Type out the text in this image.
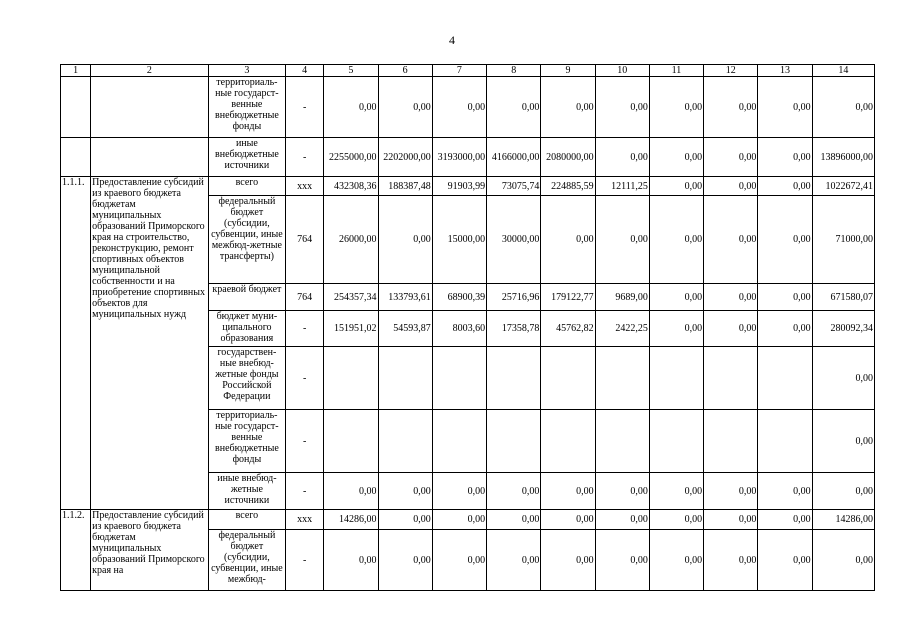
4
1	2	3	4	5	6	7	8	9	10	11	12	13	14
		территориаль-ные государст-венные внебюджетные фонды	-	0,00	0,00	0,00	0,00	0,00	0,00	0,00	0,00	0,00	0,00
		иные внебюджетные источники	-	2255000,00	2202000,00	3193000,00	4166000,00	2080000,00	0,00	0,00	0,00	0,00	13896000,00
1.1.1.	Предоставление субсидий из краевого бюджета бюджетам муниципальных образований Приморского края на строительство, реконструкцию, ремонт спортивных объектов муниципальной собственности и на приобретение спортивных объектов для муниципальных нужд	всего	xxx	432308,36	188387,48	91903,99	73075,74	224885,59	12111,25	0,00	0,00	0,00	1022672,41
		федеральный бюджет (субсидии, субвенции, иные межбюд-жетные трансферты)	764	26000,00	0,00	15000,00	30000,00	0,00	0,00	0,00	0,00	0,00	71000,00
		краевой бюджет	764	254357,34	133793,61	68900,39	25716,96	179122,77	9689,00	0,00	0,00	0,00	671580,07
		бюджет муни-ципального образования	-	151951,02	54593,87	8003,60	17358,78	45762,82	2422,25	0,00	0,00	0,00	280092,34
		государствен-ные внебюд-жетные фонды Российской Федерации	-										0,00
		территориаль-ные государст-венные внебюджетные фонды	-										0,00
		иные внебюд-жетные источники	-	0,00	0,00	0,00	0,00	0,00	0,00	0,00	0,00	0,00	0,00
1.1.2.	Предоставление субсидий из краевого бюджета бюджетам муниципальных образований Приморского края на	всего	xxx	14286,00	0,00	0,00	0,00	0,00	0,00	0,00	0,00	0,00	14286,00
		федеральный бюджет (субсидии, субвенции, иные межбюд-	-	0,00	0,00	0,00	0,00	0,00	0,00	0,00	0,00	0,00	0,00
